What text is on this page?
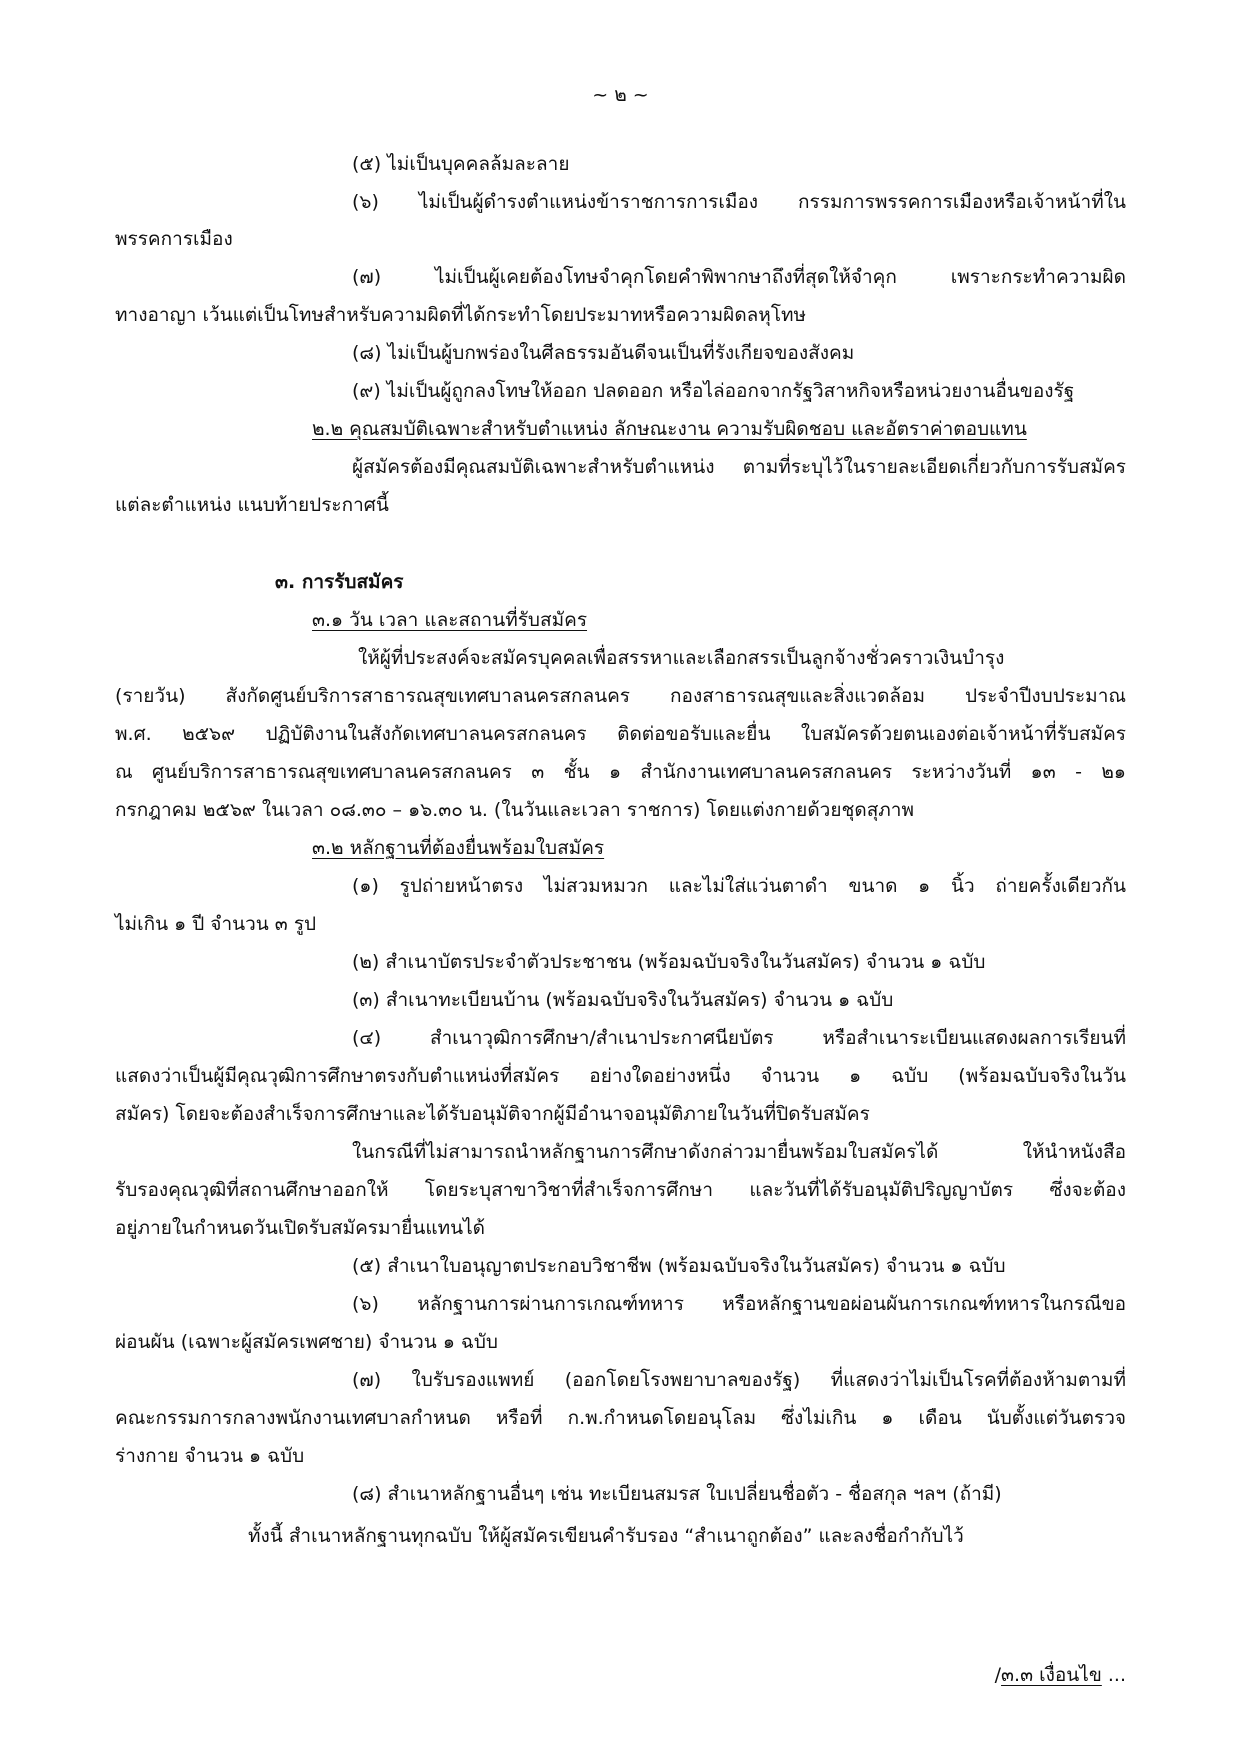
~ ๒ ~
(๕) ไม่เป็นบุคคลล้มละลาย
(๖) ไม่เป็นผู้ดำรงตำแหน่งข้าราชการการเมือง กรรมการพรรคการเมืองหรือเจ้าหน้าที่ใน
พรรคการเมือง
(๗) ไม่เป็นผู้เคยต้องโทษจำคุกโดยคำพิพากษาถึงที่สุดให้จำคุก เพราะกระทำความผิด
ทางอาญา เว้นแต่เป็นโทษสำหรับความผิดที่ได้กระทำโดยประมาทหรือความผิดลหุโทษ
(๘) ไม่เป็นผู้บกพร่องในศีลธรรมอันดีจนเป็นที่รังเกียจของสังคม
(๙) ไม่เป็นผู้ถูกลงโทษให้ออก ปลดออก หรือไล่ออกจากรัฐวิสาหกิจหรือหน่วยงานอื่นของรัฐ
๒.๒ คุณสมบัติเฉพาะสำหรับตำแหน่ง ลักษณะงาน ความรับผิดชอบ และอัตราค่าตอบแทน
ผู้สมัครต้องมีคุณสมบัติเฉพาะสำหรับตำแหน่ง ตามที่ระบุไว้ในรายละเอียดเกี่ยวกับการรับสมัคร
แต่ละตำแหน่ง แนบท้ายประกาศนี้
๓. การรับสมัคร
๓.๑ วัน เวลา และสถานที่รับสมัคร
ให้ผู้ที่ประสงค์จะสมัครบุคคลเพื่อสรรหาและเลือกสรรเป็นลูกจ้างชั่วคราวเงินบำรุง
(รายวัน) สังกัดศูนย์บริการสาธารณสุขเทศบาลนครสกลนคร กองสาธารณสุขและสิ่งแวดล้อม ประจำปีงบประมาณ
พ.ศ. ๒๕๖๙ ปฏิบัติงานในสังกัดเทศบาลนครสกลนคร ติดต่อขอรับและยื่น ใบสมัครด้วยตนเองต่อเจ้าหน้าที่รับสมัคร
ณ ศูนย์บริการสาธารณสุขเทศบาลนครสกลนคร ๓ ชั้น ๑ สำนักงานเทศบาลนครสกลนคร ระหว่างวันที่ ๑๓ - ๒๑
กรกฎาคม ๒๕๖๙ ในเวลา ๐๘.๓๐ – ๑๖.๓๐ น. (ในวันและเวลา ราชการ) โดยแต่งกายด้วยชุดสุภาพ
๓.๒ หลักฐานที่ต้องยื่นพร้อมใบสมัคร
(๑) รูปถ่ายหน้าตรง ไม่สวมหมวก และไม่ใส่แว่นตาดำ ขนาด ๑ นิ้ว ถ่ายครั้งเดียวกัน
ไม่เกิน ๑ ปี จำนวน ๓ รูป
(๒) สำเนาบัตรประจำตัวประชาชน (พร้อมฉบับจริงในวันสมัคร) จำนวน ๑ ฉบับ
(๓) สำเนาทะเบียนบ้าน (พร้อมฉบับจริงในวันสมัคร) จำนวน ๑ ฉบับ
(๔) สำเนาวุฒิการศึกษา/สำเนาประกาศนียบัตร หรือสำเนาระเบียนแสดงผลการเรียนที่
แสดงว่าเป็นผู้มีคุณวุฒิการศึกษาตรงกับตำแหน่งที่สมัคร อย่างใดอย่างหนึ่ง จำนวน ๑ ฉบับ (พร้อมฉบับจริงในวัน
สมัคร) โดยจะต้องสำเร็จการศึกษาและได้รับอนุมัติจากผู้มีอำนาจอนุมัติภายในวันที่ปิดรับสมัคร
ในกรณีที่ไม่สามารถนำหลักฐานการศึกษาดังกล่าวมายื่นพร้อมใบสมัครได้ ให้นำหนังสือ
รับรองคุณวุฒิที่สถานศึกษาออกให้ โดยระบุสาขาวิชาที่สำเร็จการศึกษา และวันที่ได้รับอนุมัติปริญญาบัตร ซึ่งจะต้อง
อยู่ภายในกำหนดวันเปิดรับสมัครมายื่นแทนได้
(๕) สำเนาใบอนุญาตประกอบวิชาชีพ (พร้อมฉบับจริงในวันสมัคร) จำนวน ๑ ฉบับ
(๖) หลักฐานการผ่านการเกณฑ์ทหาร หรือหลักฐานขอผ่อนผันการเกณฑ์ทหารในกรณีขอ
ผ่อนผัน (เฉพาะผู้สมัครเพศชาย) จำนวน ๑ ฉบับ
(๗) ใบรับรองแพทย์ (ออกโดยโรงพยาบาลของรัฐ) ที่แสดงว่าไม่เป็นโรคที่ต้องห้ามตามที่
คณะกรรมการกลางพนักงานเทศบาลกำหนด หรือที่ ก.พ.กำหนดโดยอนุโลม ซึ่งไม่เกิน ๑ เดือน นับตั้งแต่วันตรวจ
ร่างกาย จำนวน ๑ ฉบับ
(๘) สำเนาหลักฐานอื่นๆ เช่น ทะเบียนสมรส ใบเปลี่ยนชื่อตัว - ชื่อสกุล ฯลฯ (ถ้ามี)
ทั้งนี้ สำเนาหลักฐานทุกฉบับ ให้ผู้สมัครเขียนคำรับรอง “สำเนาถูกต้อง” และลงชื่อกำกับไว้
/๓.๓ เงื่อนไข ...
